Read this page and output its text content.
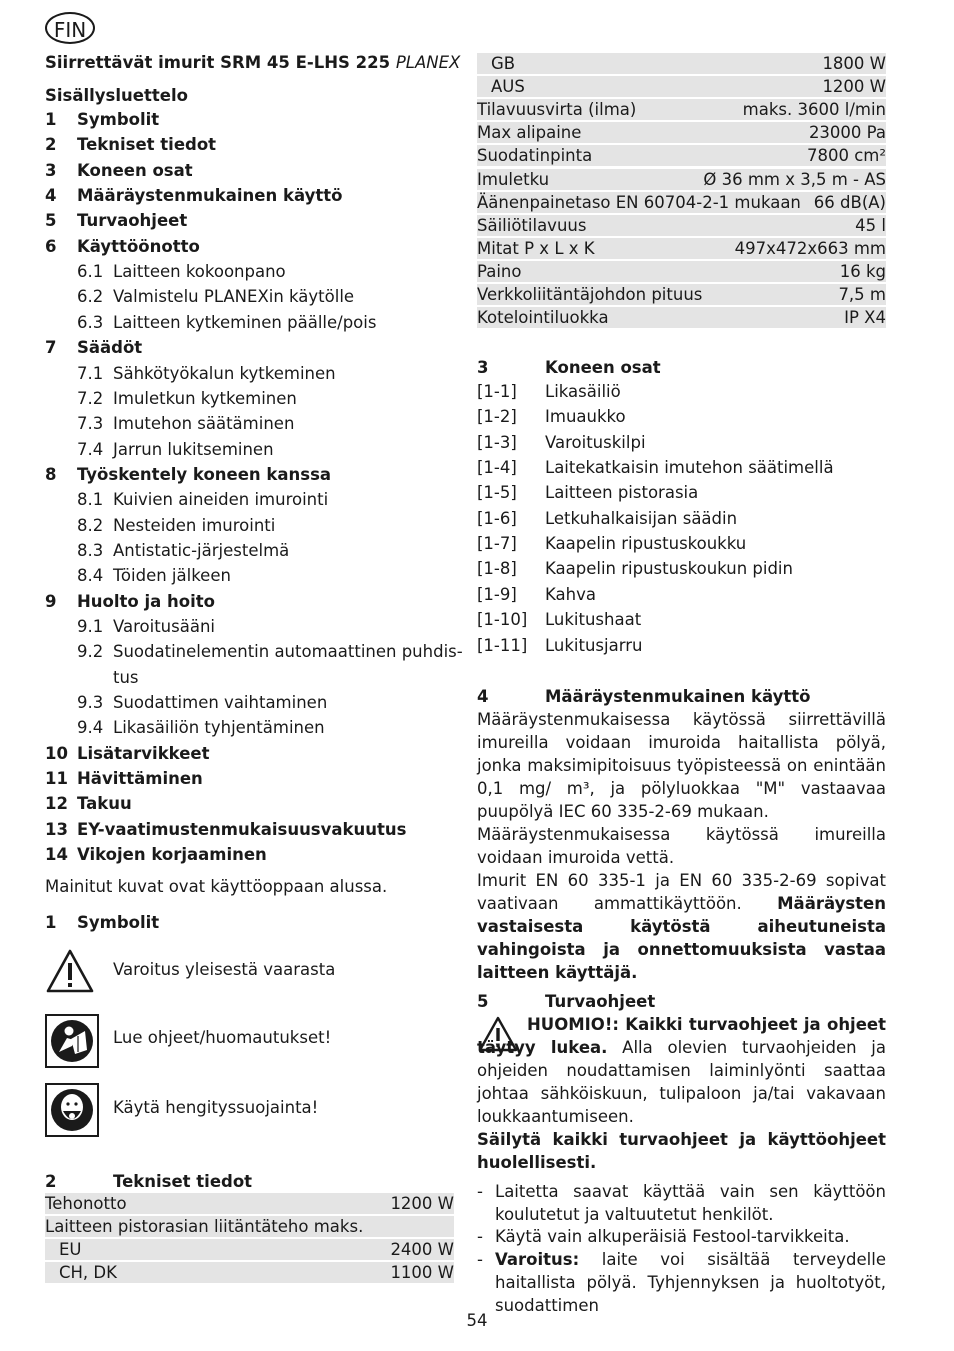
FIN
Siirrettävät imurit SRM 45 E-LHS 225 PLANEX
Sisällysluettelo
1 Symbolit
2 Tekniset tiedot
3 Koneen osat
4 Määräystenmukainen käyttö
5 Turvaohjeet
6 Käyttöönotto
6.1 Laitteen kokoonpano
6.2 Valmistelu PLANEXin käytölle
6.3 Laitteen kytkeminen päälle/pois
7 Säädöt
7.1 Sähkötyökalun kytkeminen
7.2 Imuletkun kytkeminen
7.3 Imutehon säätäminen
7.4 Jarrun lukitseminen
8 Työskentely koneen kanssa
8.1 Kuivien aineiden imurointi
8.2 Nesteiden imurointi
8.3 Antistatic-järjestelmä
8.4 Töiden jälkeen
9 Huolto ja hoito
9.1 Varoitusääni
9.2 Suodatinelementin automaattinen puhdis-
tus
9.3 Suodattimen vaihtaminen
9.4 Likasäiliön tyhjentäminen
10 Lisätarvikkeet
11 Hävittäminen
12 Takuu
13 EY-vaatimustenmukaisuusvakuutus
14 Vikojen korjaaminen
Mainitut kuvat ovat käyttöoppaan alussa.
1 Symbolit
Varoitus yleisestä vaarasta
Lue ohjeet/huomautukset!
Käytä hengityssuojainta!
2	Tekniset tiedot
Tehonotto	1200 W
Laitteen pistorasian liitäntäteho maks.
EU	2400 W
CH, DK	1100 W
GB	1800 W
AUS	1200 W
Tilavuusvirta (ilma)	maks. 3600 l/min
Max alipaine	23000 Pa
Suodatinpinta	7800 cm²
Imuletku	Ø 36 mm x 3,5 m - AS
Äänenpainetaso EN 60704-2-1 mukaan 66 dB(A)
Säiliötilavuus	45 l
Mitat P x L x K	497x472x663 mm
Paino	16 kg
Verkkoliitäntäjohdon pituus	7,5 m
Kotelointiluokka	IP X4
3	Koneen osat
[1-1] Likasäiliö
[1-2] Imuaukko
[1-3] Varoituskilpi
[1-4] Laitekatkaisin imutehon säätimellä
[1-5] Laitteen pistorasia
[1-6] Letkuhalkaisijan säädin
[1-7] Kaapelin ripustuskoukku
[1-8] Kaapelin ripustuskoukun pidin
[1-9] Kahva
[1-10] Lukitushaat
[1-11] Lukitusjarru
4	Määräystenmukainen käyttö
Määräystenmukaisessa käytössä siirrettävillä imureilla voidaan imuroida haitallista pölyä, jonka maksimipitoisuus työpisteessä on enintään 0,1 mg/ m³, ja pölyluokkaa "M" vastaavaa puupölyä IEC 60 335-2-69 mukaan.
Määräystenmukaisessa käytössä imureilla voidaan imuroida vettä.
Imurit EN 60 335-1 ja EN 60 335-2-69 sopivat vaativaan ammattikäyttöön. Määräysten vastaisesta käytöstä aiheutuneista vahingoista ja onnettomuuksista vastaa laitteen käyttäjä.
5	Turvaohjeet
HUOMIO!: Kaikki turvaohjeet ja ohjeet täytyy lukea. Alla olevien turvaohjeiden ja ohjeiden noudattamisen laiminlyönti saattaa johtaa sähköiskuun, tulipaloon ja/tai vakavaan loukkaantumiseen.
Säilytä kaikki turvaohjeet ja käyttöohjeet huolellisesti.
- Laitetta saavat käyttää vain sen käyttöön koulutetut ja valtuutetut henkilöt.
- Käytä vain alkuperäisiä Festool-tarvikkeita.
- Varoitus: laite voi sisältää terveydelle haitallista pölyä. Tyhjennyksen ja huoltotyöt, suodattimen
54
